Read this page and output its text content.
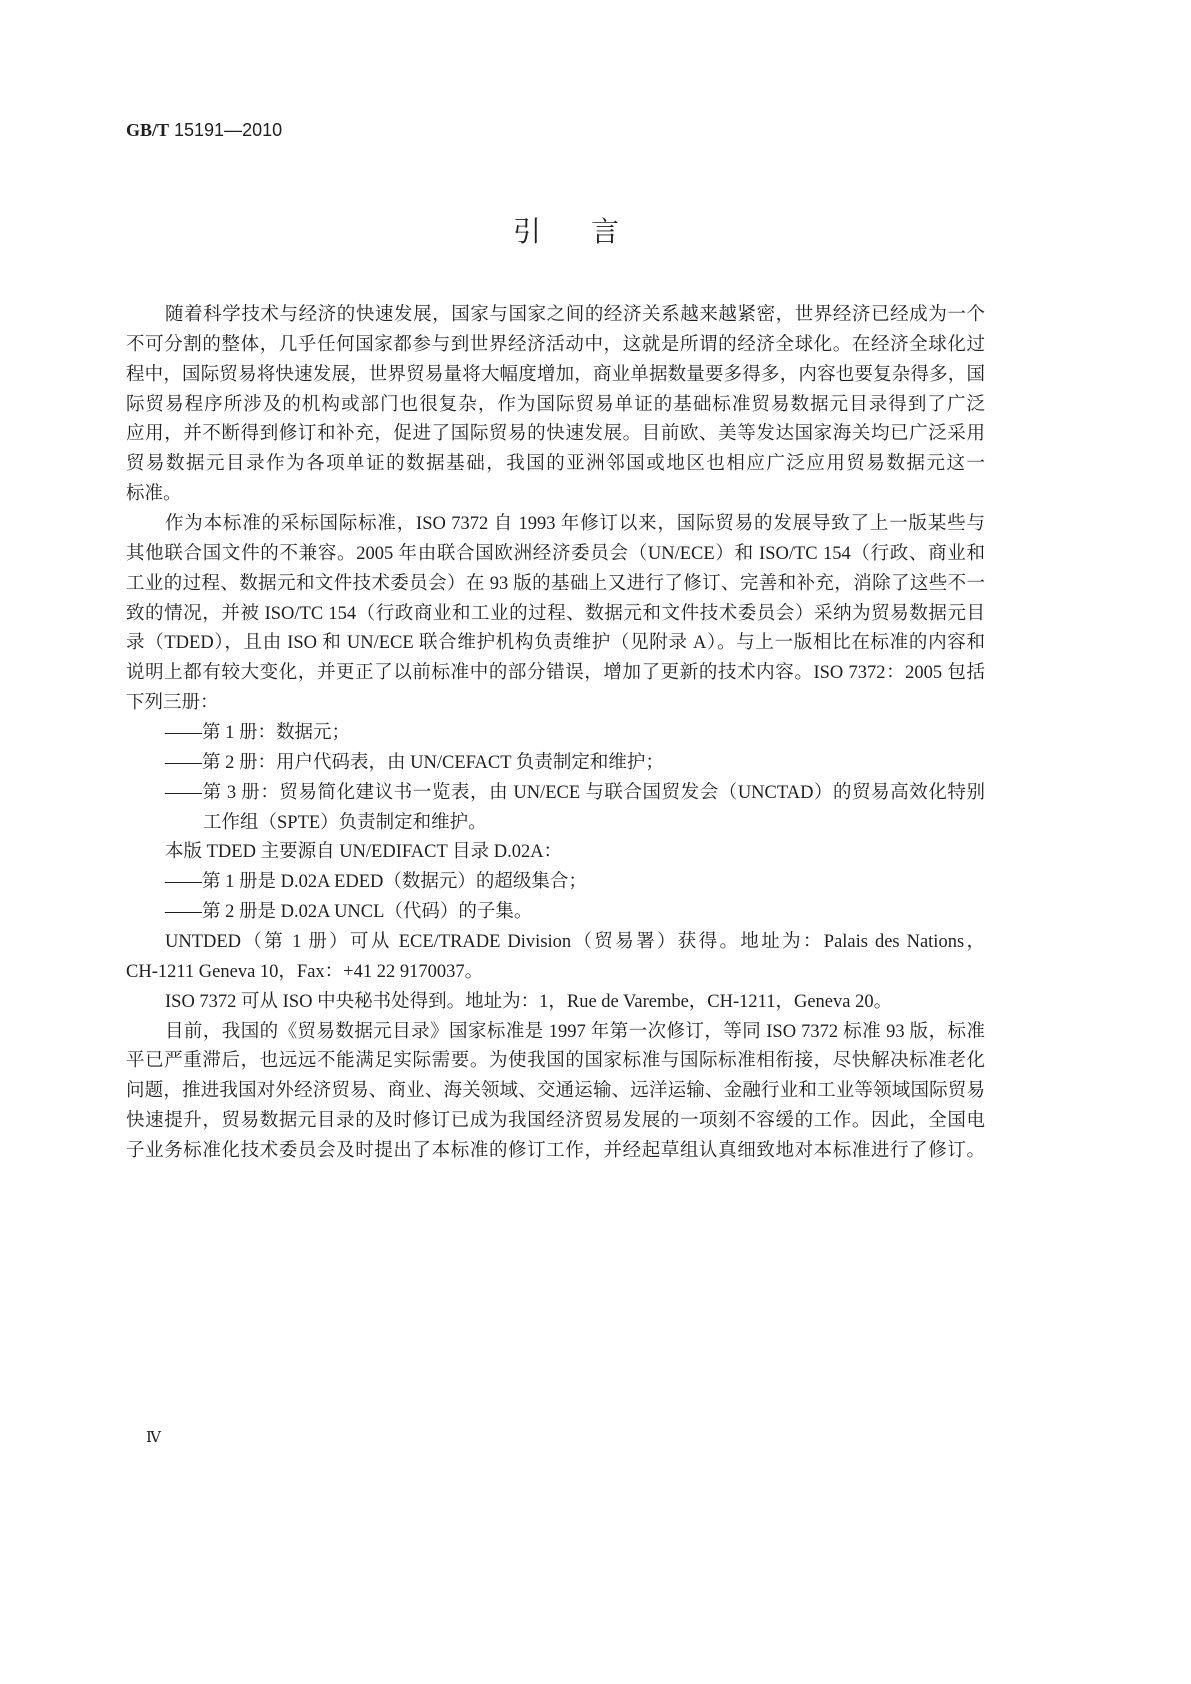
GB/T 15191—2010
引言
随着科学技术与经济的快速发展，国家与国家之间的经济关系越来越紧密，世界经济已经成为一个
不可分割的整体，几乎任何国家都参与到世界经济活动中，这就是所谓的经济全球化。在经济全球化过
程中，国际贸易将快速发展，世界贸易量将大幅度增加，商业单据数量要多得多，内容也要复杂得多，国
际贸易程序所涉及的机构或部门也很复杂，作为国际贸易单证的基础标准贸易数据元目录得到了广泛
应用，并不断得到修订和补充，促进了国际贸易的快速发展。目前欧、美等发达国家海关均已广泛采用
贸易数据元目录作为各项单证的数据基础，我国的亚洲邻国或地区也相应广泛应用贸易数据元这一
标准。
作为本标准的采标国际标准，ISO 7372 自 1993 年修订以来，国际贸易的发展导致了上一版某些与
其他联合国文件的不兼容。2005 年由联合国欧洲经济委员会（UN/ECE）和 ISO/TC 154（行政、商业和
工业的过程、数据元和文件技术委员会）在 93 版的基础上又进行了修订、完善和补充，消除了这些不一
致的情况，并被 ISO/TC 154（行政商业和工业的过程、数据元和文件技术委员会）采纳为贸易数据元目
录（TDED），且由 ISO 和 UN/ECE 联合维护机构负责维护（见附录 A）。与上一版相比在标准的内容和
说明上都有较大变化，并更正了以前标准中的部分错误，增加了更新的技术内容。ISO 7372：2005 包括
下列三册：
——第 1 册：数据元；
——第 2 册：用户代码表，由 UN/CEFACT 负责制定和维护；
——第 3 册：贸易简化建议书一览表，由 UN/ECE 与联合国贸发会（UNCTAD）的贸易高效化特别
工作组（SPTE）负责制定和维护。
本版 TDED 主要源自 UN/EDIFACT 目录 D.02A：
——第 1 册是 D.02A EDED（数据元）的超级集合；
——第 2 册是 D.02A UNCL（代码）的子集。
UNTDED（第 1 册）可从 ECE/TRADE Division（贸易署）获得。地址为：Palais des Nations，
CH-1211 Geneva 10，Fax：+41 22 9170037。
ISO 7372 可从 ISO 中央秘书处得到。地址为：1，Rue de Varembe，CH-1211，Geneva 20。
目前，我国的《贸易数据元目录》国家标准是 1997 年第一次修订，等同 ISO 7372 标准 93 版，标准
平已严重滞后，也远远不能满足实际需要。为使我国的国家标准与国际标准相衔接，尽快解决标准老化
问题，推进我国对外经济贸易、商业、海关领域、交通运输、远洋运输、金融行业和工业等领域国际贸易
快速提升，贸易数据元目录的及时修订已成为我国经济贸易发展的一项刻不容缓的工作。因此，全国电
子业务标准化技术委员会及时提出了本标准的修订工作，并经起草组认真细致地对本标准进行了修订。
Ⅳ
